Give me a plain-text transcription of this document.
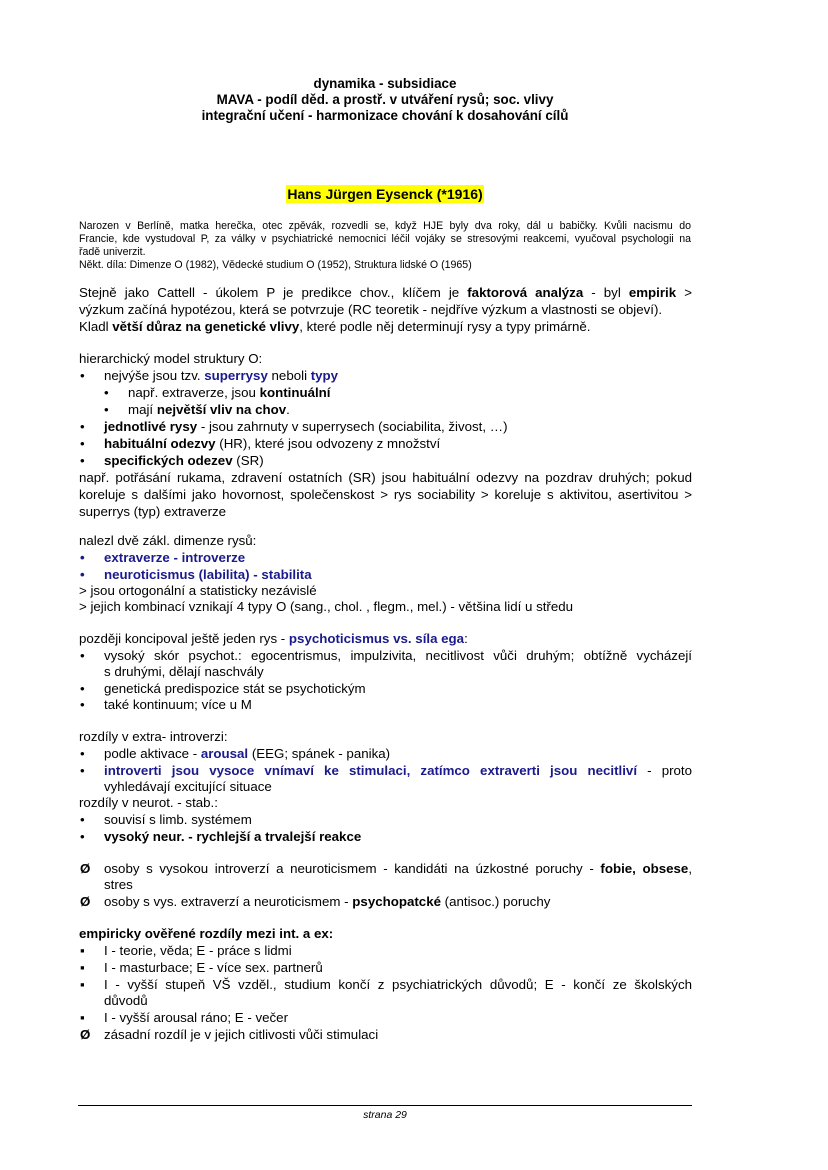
dynamika - subsidiace
MAVA - podíl děd. a prostř. v utváření rysů; soc. vlivy
integrační učení - harmonizace chování k dosahování cílů
Hans Jürgen Eysenck (*1916)
Narozen v Berlíně, matka herečka, otec zpěvák, rozvedli se, když HJE byly dva roky, dál u babičky. Kvůli nacismu do
Francie, kde vystudoval P, za války v psychiatrické nemocnici léčil vojáky se stresovými reakcemi, vyučoval psychologii na
řadě univerzit.
Někt. díla: Dimenze O (1982), Vědecké studium O (1952), Struktura lidské O (1965)
Stejně jako Cattell - úkolem P je predikce chov., klíčem je faktorová analýza - byl empirik >
výzkum začíná hypotézou, která se potvrzuje (RC teoretik - nejdříve výzkum a vlastnosti se objeví).
Kladl větší důraz na genetické vlivy, které podle něj determinují rysy a typy primárně.
hierarchický model struktury O:
• nejvýše jsou tzv. superrysy neboli typy
• např. extraverze, jsou kontinuální
• mají největší vliv na chov.
• jednotlivé rysy - jsou zahrnuty v superrysech (sociabilita, živost, …)
• habituální odezvy (HR), které jsou odvozeny z množství
• specifických odezev (SR)
např. potřásání rukama, zdravení ostatních (SR) jsou habituální odezvy na pozdrav druhých; pokud
koreluje s dalšími jako hovornost, společenskost > rys sociability > koreluje s aktivitou, asertivitou >
superrys (typ) extraverze
nalezl dvě zákl. dimenze rysů:
• extraverze - introverze
• neuroticismus (labilita) - stabilita
> jsou ortogonální a statisticky nezávislé
> jejich kombinací vznikají 4 typy O (sang., chol. , flegm., mel.) - většina lidí u středu
později koncipoval ještě jeden rys - psychoticismus vs. síla ega:
• vysoký skór psychot.: egocentrismus, impulzivita, necitlivost vůči druhým; obtížně vycházejí
s druhými, dělají naschvály
• genetická predispozice stát se psychotickým
• také kontinuum; více u M
rozdíly v extra- introverzi:
• podle aktivace - arousal (EEG; spánek - panika)
• introverti jsou vysoce vnímaví ke stimulaci, zatímco extraverti jsou necitliví - proto
vyhledávají excitující situace
rozdíly v neurot. - stab.:
• souvisí s limb. systémem
• vysoký neur. - rychlejší a trvalejší reakce
Ø osoby s vysokou introverzí a neuroticismem - kandidáti na úzkostné poruchy - fobie, obsese,
stres
Ø osoby s vys. extraverzí a neuroticismem - psychopatcké (antisoc.) poruchy
empiricky ověřené rozdíly mezi int. a ex:
▪ I - teorie, věda; E - práce s lidmi
▪ I - masturbace; E - více sex. partnerů
▪ I - vyšší stupeň VŠ vzděl., studium končí z psychiatrických důvodů; E - končí ze školských
důvodů
▪ I - vyšší arousal ráno; E - večer
Ø zásadní rozdíl je v jejich citlivosti vůči stimulaci
strana 29
